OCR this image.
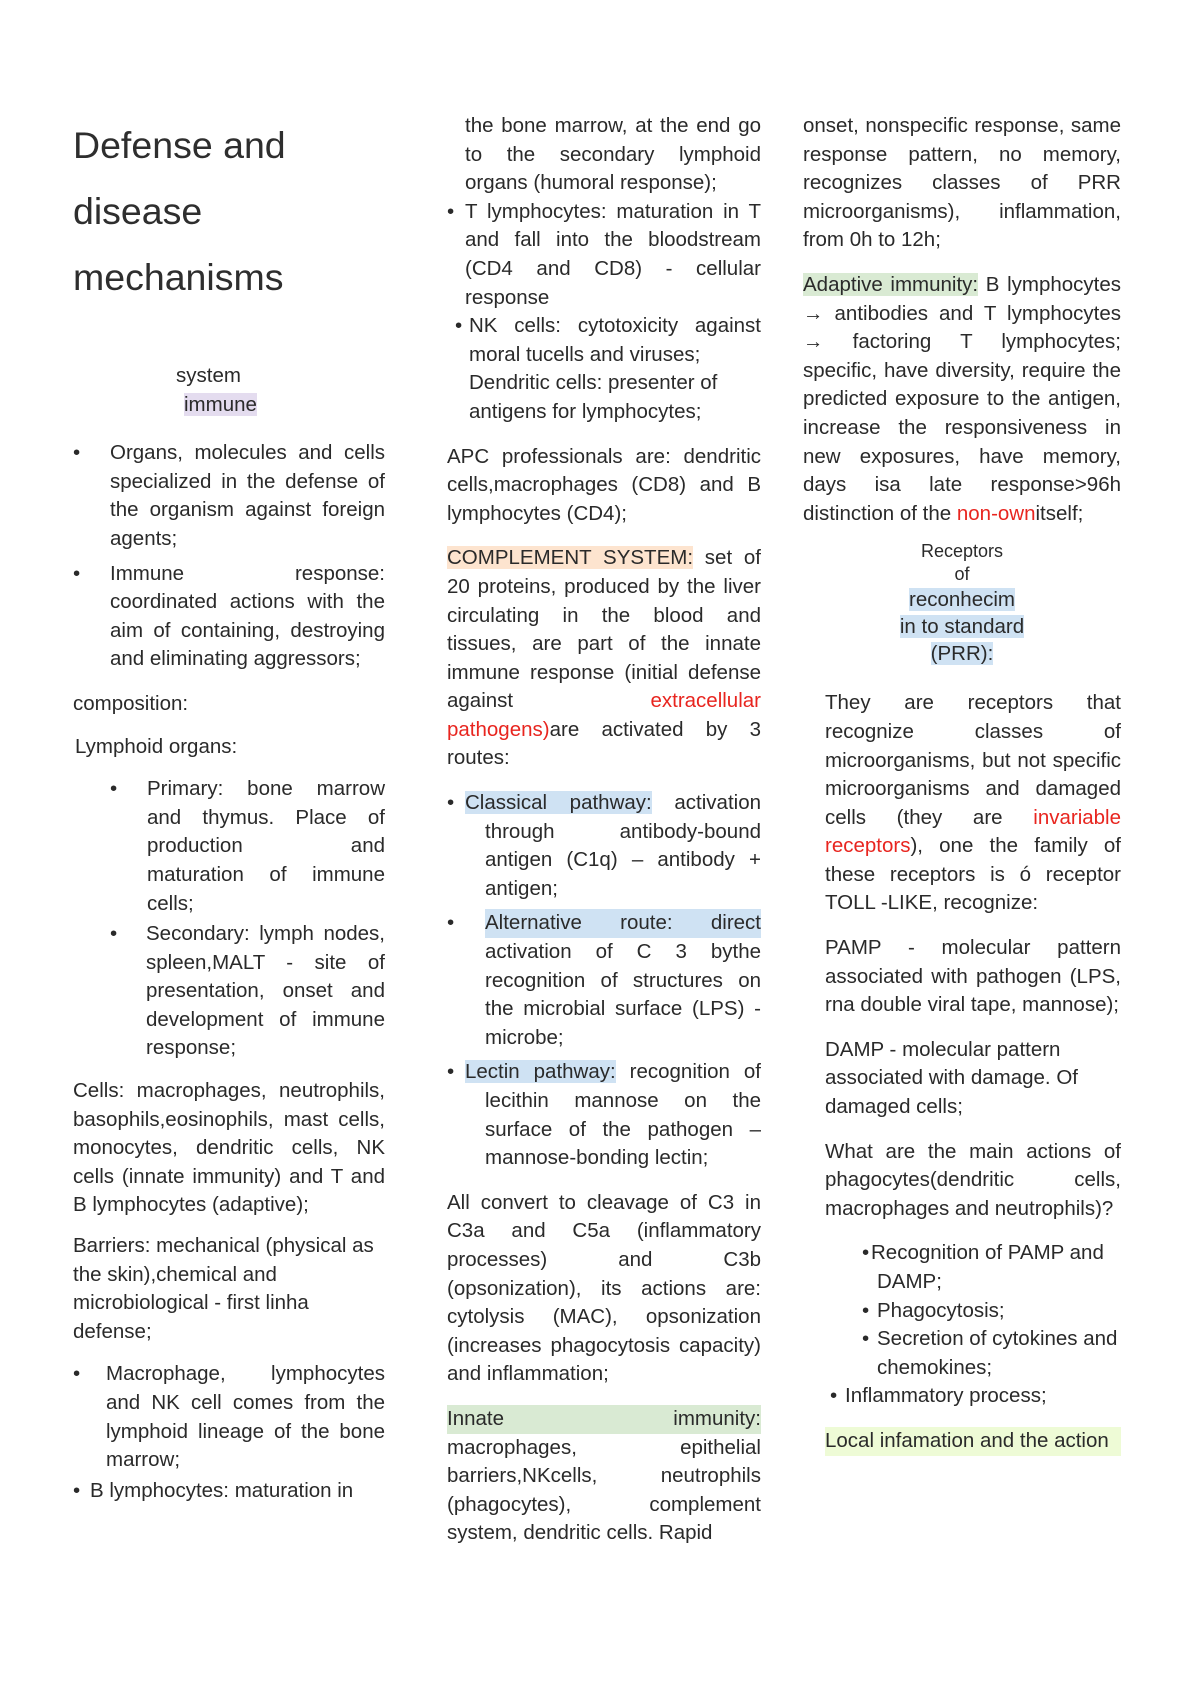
Defense and

disease

mechanisms

system
immune
• Organs, molecules and cells specialized in the defense of the organism against foreign agents;

• Immune response: coordinated actions with the aim of containing, destroying and eliminating aggressors;

composition:

Lymphoid organs:

• Primary: bone marrow and thymus. Place of production and maturation of immune cells;

• Secondary: lymph nodes, spleen,MALT - site of presentation, onset and development of immune response;

Cells: macrophages, neutrophils, basophils,eosinophils, mast cells, monocytes, dendritic cells, NK cells (innate immunity) and T and B lymphocytes (adaptive);

Barriers: mechanical (physical as the skin),chemical and microbiological - first linha defense;

• Macrophage, lymphocytes and NK cell comes from the lymphoid lineage of the bone marrow;

• B lymphocytes: maturation in

the bone marrow, at the end go to the secondary lymphoid organs (humoral response);

• T lymphocytes: maturation in T and fall into the bloodstream (CD4 and CD8) - cellular response

• NK cells: cytotoxicity against moral tucells and viruses;

Dendritic cells: presenter of antigens for lymphocytes;

APC professionals are: dendritic cells,macrophages (CD8) and B lymphocytes (CD4);

COMPLEMENT SYSTEM: set of 20 proteins, produced by the liver circulating in the blood and tissues, are part of the innate immune response (initial defense against	extracellular pathogens)are activated by 3 routes:

• Classical pathway: activation through antibody-bound antigen (C1q) – antibody + antigen;

• Alternative route: direct
activation of C 3 bythe recognition of structures on the microbial surface (LPS) - microbe;

• Lectin pathway: recognition of lecithin mannose on the surface of the pathogen – mannose-bonding lectin;

All convert to cleavage of C3 in C3a and C5a (inflammatory processes) and C3b (opsonization), its actions are: cytolysis (MAC), opsonization (increases phagocytosis capacity) and inflammation;

Innate immunity:
macrophages, epithelial barriers,NKcells, neutrophils (phagocytes), complement system, dendritic cells. Rapid

onset, nonspecific response, same response pattern, no memory, recognizes classes of PRR microorganisms), inflammation, from 0h to 12h;

Adaptive immunity: B lymphocytes → antibodies and T lymphocytes → factoring T lymphocytes; specific, have diversity, require the predicted exposure to the antigen, increase the responsiveness in new exposures, have memory, days isa late response>96h distinction of the non-ownitself;

Receptors
of
reconhecim
in to standard
(PRR):

They are receptors that recognize classes of microorganisms, but not specific microorganisms and damaged cells (they are invariable receptors), one the family of these receptors is ó receptor TOLL -LIKE, recognize:

PAMP - molecular pattern associated with pathogen (LPS, rna double viral tape, mannose);

DAMP - molecular pattern associated with damage. Of damaged cells;

What are the main actions of phagocytes(dendritic cells, macrophages and neutrophils)?

• Recognition of PAMP and DAMP;

• Phagocytosis;

• Secretion of cytokines and chemokines;

• Inflammatory process;

Local infamation and the action
